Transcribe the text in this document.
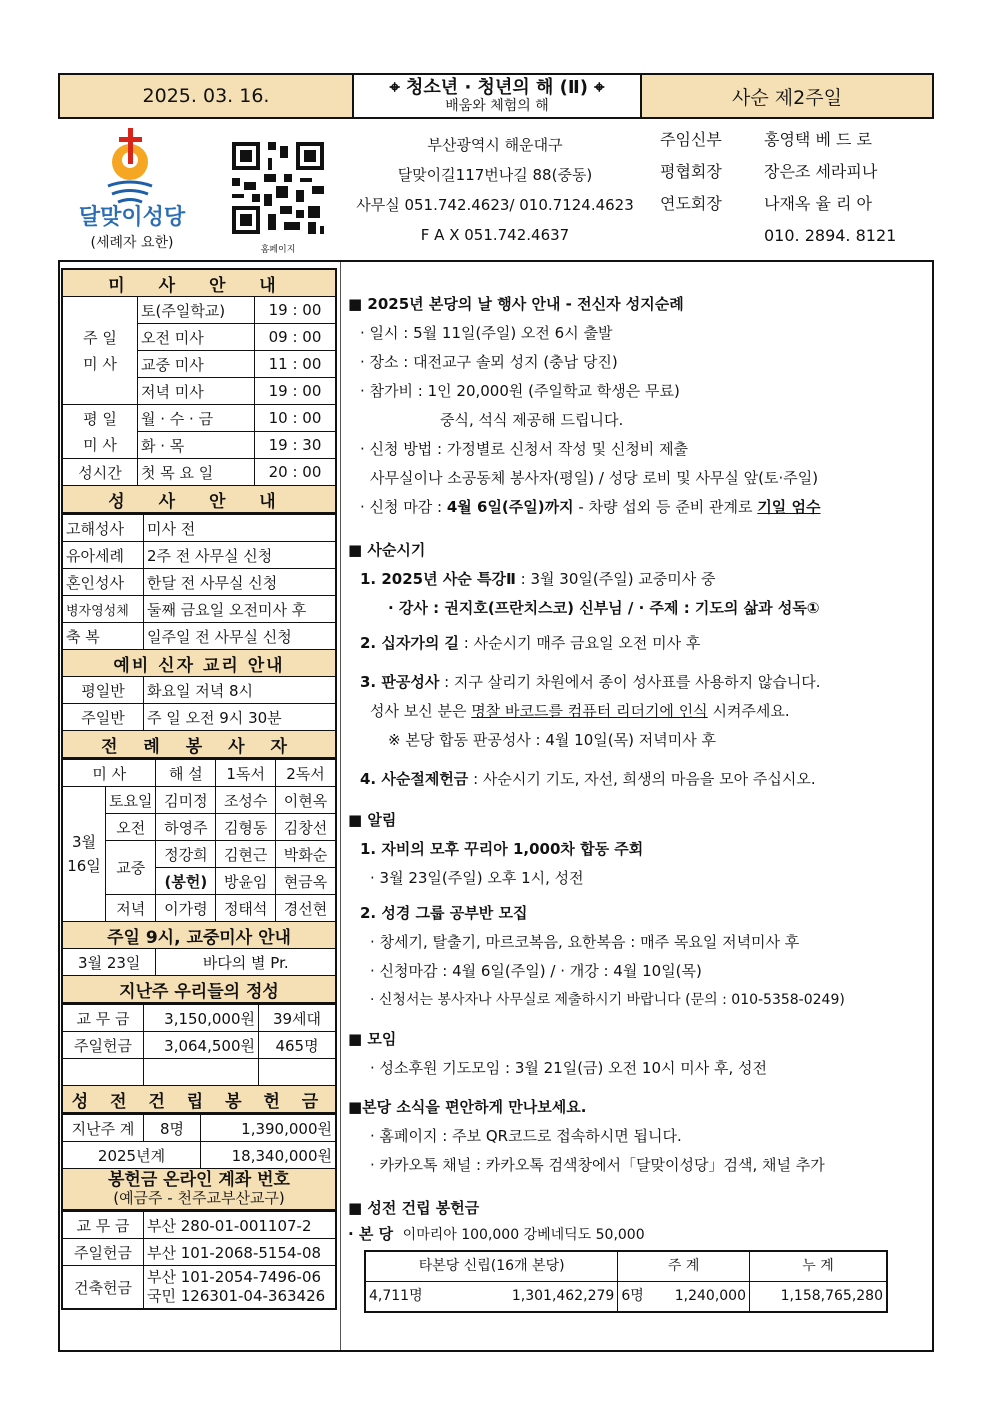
2025. 03. 16.	⌖ 청소년 · 청년의 해 (Ⅱ) ⌖
배움와 체험의 해	사순 제2주일
달맞이성당
(세례자 요한)	홈페이지
부산광역시 해운대구
달맞이길117번나길 88(중동)
사무실 051.742.4623/ 010.7124.4623
F A X 051.742.4637
주임신부	홍영택 베 드 로
평협회장	장은조 세라피나
연도회장	나재옥 율 리 아
010. 2894. 8121
미 사 안 내		
주 일
미 사	토(주일학교)	19 : 00
	오전 미사	09 : 00
	교중 미사	11 : 00
	저녁 미사	19 : 00
평 일
미 사	월 · 수 · 금	10 : 00
	화 · 목	19 : 30
성시간	첫 목 요 일	20 : 00
성 사 안 내		
고해성사	미사 전
유아세례	2주 전 사무실 신청
혼인성사	한달 전 사무실 신청
병자영성체	둘째 금요일 오전미사 후
축 복	일주일 전 사무실 신청
예비 신자 교리 안내	
평일반	화요일 저녁 8시
주일반	주 일 오전 9시 30분
전 례 봉 사 자	
미 사		해 설	1독서	2독서
3월
16일	토요일	김미정	조성수	이현옥
	오전	하영주	김형동	김창선
	교중	정강희	김현근	박화순
		(봉헌)	방윤임	현금옥
	저녁	이가령	정태석	경선현
주일 9시, 교중미사 안내				
3월 23일		바다의 별 Pr.		
지난주 우리들의 정성				
교 무 금	3,150,000원	39세대
주일헌금	3,064,500원	465명

성 전 건 립 봉 헌 금		
지난주 계	8명	1,390,000원
2025년계		18,340,000원

봉헌금 온라인 계좌 번호
(예금주 - 천주교부산교구)		
교 무 금	부산 280-01-001107-2
주일헌금	부산 101-2068-5154-08
건축헌금	부산 101-2054-7496-06
국민 126301-04-363426
■ 2025년 본당의 날 행사 안내 - 전신자 성지순례
· 일시 : 5월 11일(주일) 오전 6시 출발
· 장소 : 대전교구 솔뫼 성지 (충남 당진)
· 참가비 : 1인 20,000원 (주일학교 학생은 무료)
중식, 석식 제공해 드립니다.
· 신청 방법 : 가정별로 신청서 작성 및 신청비 제출
사무실이나 소공동체 봉사자(평일) / 성당 로비 및 사무실 앞(토·주일)
· 신청 마감 : 4월 6일(주일)까지 - 차량 섭외 등 준비 관계로 기일 엄수
■ 사순시기
1. 2025년 사순 특강Ⅱ : 3월 30일(주일) 교중미사 중
· 강사 : 권지호(프란치스코) 신부님 / · 주제 : 기도의 삶과 성독①
2. 십자가의 길 : 사순시기 매주 금요일 오전 미사 후
3. 판공성사 : 지구 살리기 차원에서 종이 성사표를 사용하지 않습니다.
성사 보신 분은 명찰 바코드를 컴퓨터 리더기에 인식 시켜주세요.
※ 본당 합동 판공성사 : 4월 10일(목) 저녁미사 후
4. 사순절제헌금 : 사순시기 기도, 자선, 희생의 마음을 모아 주십시오.
■ 알림
1. 자비의 모후 꾸리아 1,000차 합동 주회
· 3월 23일(주일) 오후 1시, 성전
2. 성경 그룹 공부반 모집
· 창세기, 탈출기, 마르코복음, 요한복음 : 매주 목요일 저녁미사 후
· 신청마감 : 4월 6일(주일) / · 개강 : 4월 10일(목)
· 신청서는 봉사자나 사무실로 제출하시기 바랍니다 (문의 : 010-5358-0249)
■ 모임
· 성소후원 기도모임 : 3월 21일(금) 오전 10시 미사 후, 성전
■본당 소식을 편안하게 만나보세요.
· 홈페이지 : 주보 QR코드로 접속하시면 됩니다.
· 카카오톡 채널 : 카카오톡 검색창에서「달맞이성당」검색, 채널 추가
■ 성전 건립 봉헌금
· 본 당 이마리아 100,000 강베네딕도 50,000
타본당 신립(16개 본당)		주 계		누 계
4,711명	1,301,462,279	6명	1,240,000	1,158,765,280
